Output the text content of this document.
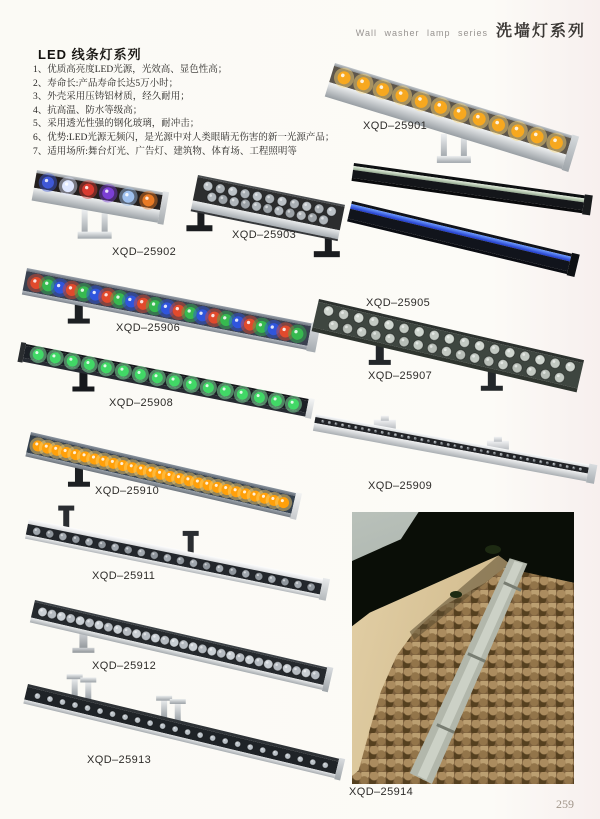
Wall washer lamp series 洗墙灯系列
LED 线条灯系列
1、优质高亮度LED光源，光效高、显色性高；
2、寿命长:产品寿命长达5万小时；
3、外壳采用压铸铝材质，经久耐用；
4、抗高温、防水等级高；
5、采用透光性强的钢化玻璃，耐冲击；
6、优势:LED光源无频闪，是光源中对人类眼睛无伤害的新一光源产品；
7、适用场所:舞台灯光、广告灯、建筑物、体育场、工程照明等
XQD–25901
XQD–25902
XQD–25903
XQD–25905
XQD–25906
XQD–25907
XQD–25908
XQD–25909
XQD–25910
XQD–25911
XQD–25912
XQD–25913
XQD–25914
259
